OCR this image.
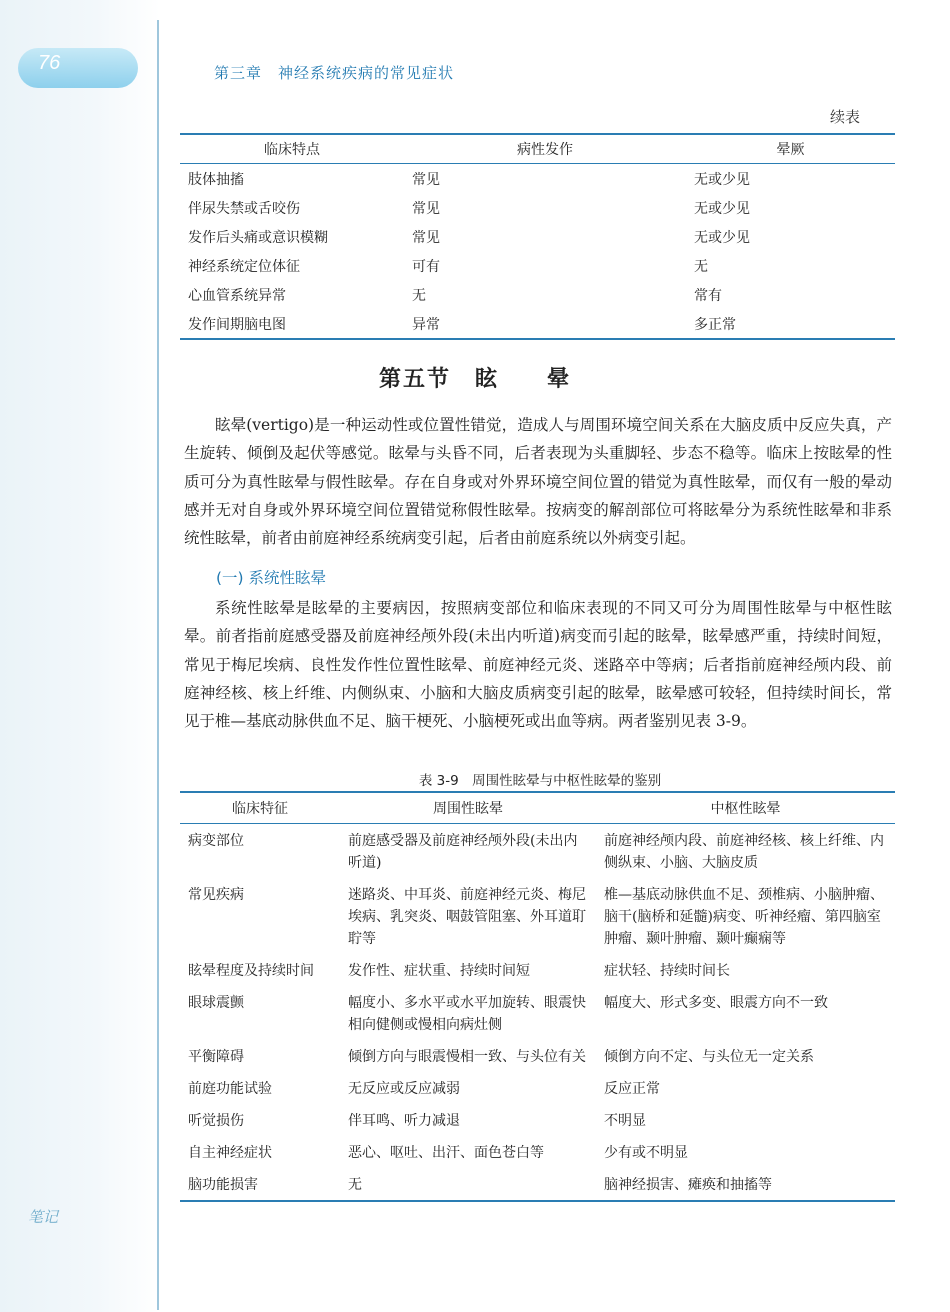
76	第三章　神经系统疾病的常见症状
续表
临床特点	病性发作	晕厥
肢体抽搐	常见	无或少见
伴尿失禁或舌咬伤	常见	无或少见
发作后头痛或意识模糊	常见	无或少见
神经系统定位体征	可有	无
心血管系统异常	无	常有
发作间期脑电图	异常	多正常
第五节　眩　　晕

眩晕(vertigo)是一种运动性或位置性错觉，造成人与周围环境空间关系在大脑皮质中反应失真，产生旋转、倾倒及起伏等感觉。眩晕与头昏不同，后者表现为头重脚轻、步态不稳等。临床上按眩晕的性质可分为真性眩晕与假性眩晕。存在自身或对外界环境空间位置的错觉为真性眩晕，而仅有一般的晕动感并无对自身或外界环境空间位置错觉称假性眩晕。按病变的解剖部位可将眩晕分为系统性眩晕和非系统性眩晕，前者由前庭神经系统病变引起，后者由前庭系统以外病变引起。

(一) 系统性眩晕

系统性眩晕是眩晕的主要病因，按照病变部位和临床表现的不同又可分为周围性眩晕与中枢性眩晕。前者指前庭感受器及前庭神经颅外段(未出内听道)病变而引起的眩晕，眩晕感严重，持续时间短，常见于梅尼埃病、良性发作性位置性眩晕、前庭神经元炎、迷路卒中等病；后者指前庭神经颅内段、前庭神经核、核上纤维、内侧纵束、小脑和大脑皮质病变引起的眩晕，眩晕感可较轻，但持续时间长，常见于椎—基底动脉供血不足、脑干梗死、小脑梗死或出血等病。两者鉴别见表 3-9。

表 3-9　周围性眩晕与中枢性眩晕的鉴别
临床特征	周围性眩晕	中枢性眩晕
病变部位	前庭感受器及前庭神经颅外段(未出内听道)	前庭神经颅内段、前庭神经核、核上纤维、内侧纵束、小脑、大脑皮质
常见疾病	迷路炎、中耳炎、前庭神经元炎、梅尼埃病、乳突炎、咽鼓管阻塞、外耳道耵聍等	椎—基底动脉供血不足、颈椎病、小脑肿瘤、脑干(脑桥和延髓)病变、听神经瘤、第四脑室肿瘤、颞叶肿瘤、颞叶癫痫等
眩晕程度及持续时间	发作性、症状重、持续时间短	症状轻、持续时间长
眼球震颤	幅度小、多水平或水平加旋转、眼震快相向健侧或慢相向病灶侧	幅度大、形式多变、眼震方向不一致
平衡障碍	倾倒方向与眼震慢相一致、与头位有关	倾倒方向不定、与头位无一定关系
前庭功能试验	无反应或反应减弱	反应正常
听觉损伤	伴耳鸣、听力减退	不明显
自主神经症状	恶心、呕吐、出汗、面色苍白等	少有或不明显
脑功能损害	无	脑神经损害、瘫痪和抽搐等
笔记
